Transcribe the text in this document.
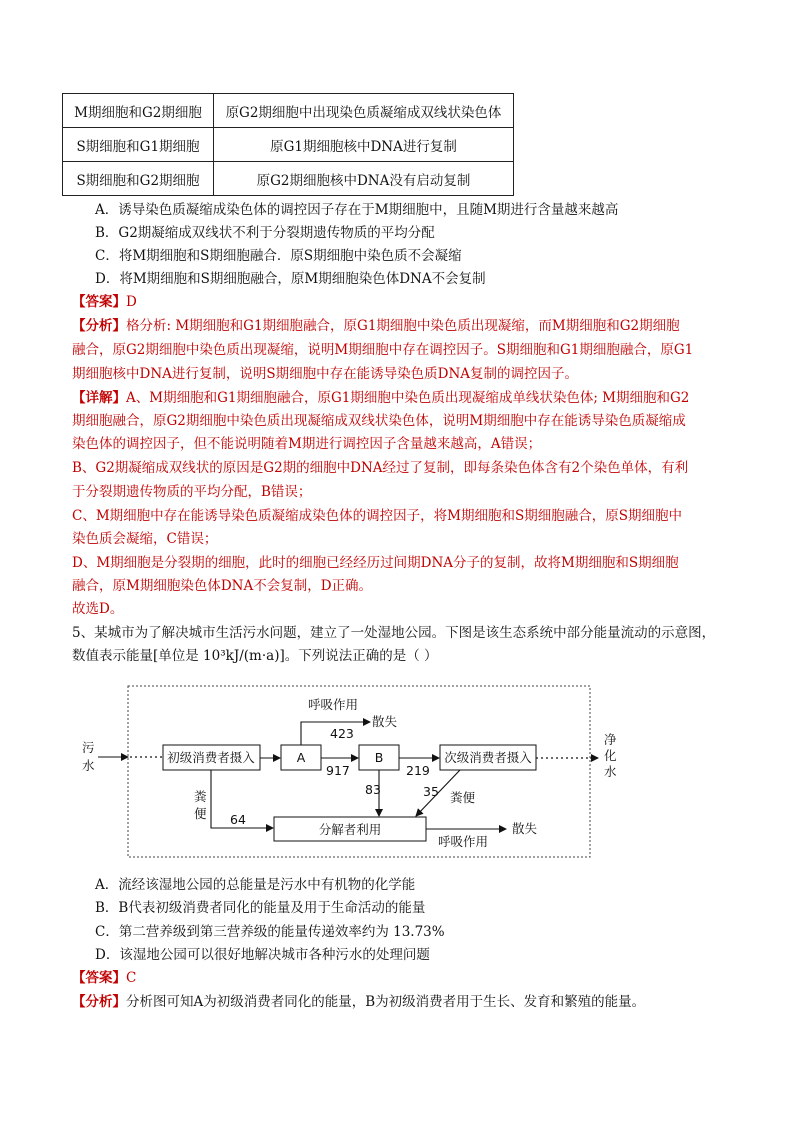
M期细胞和G2期细胞	原G2期细胞中出现染色质凝缩成双线状染色体
S期细胞和G1期细胞	原G1期细胞核中DNA进行复制
S期细胞和G2期细胞	原G2期细胞核中DNA没有启动复制
A．诱导染色质凝缩成染色体的调控因子存在于M期细胞中，且随M期进行含量越来越高
B．G2期凝缩成双线状不利于分裂期遗传物质的平均分配
C．将M期细胞和S期细胞融合．原S期细胞中染色质不会凝缩
D．将M期细胞和S期细胞融合，原M期细胞染色体DNA不会复制
【答案】D
【分析】格分析: M期细胞和G1期细胞融合，原G1期细胞中染色质出现凝缩，而M期细胞和G2期细胞
融合，原G2期细胞中染色质出现凝缩，说明M期细胞中存在调控因子。S期细胞和G1期细胞融合，原G1
期细胞核中DNA进行复制，说明S期细胞中存在能诱导染色质DNA复制的调控因子。
【详解】A、M期细胞和G1期细胞融合，原G1期细胞中染色质出现凝缩成单线状染色体; M期细胞和G2
期细胞融合，原G2期细胞中染色质出现凝缩成双线状染色体，说明M期细胞中存在能诱导染色质凝缩成
染色体的调控因子，但不能说明随着M期进行调控因子含量越来越高，A错误；
B、G2期凝缩成双线状的原因是G2期的细胞中DNA经过了复制，即每条染色体含有2个染色单体，有利
于分裂期遗传物质的平均分配，B错误；
C、M期细胞中存在能诱导染色质凝缩成染色体的调控因子，将M期细胞和S期细胞融合，原S期细胞中
染色质会凝缩，C错误；
D、M期细胞是分裂期的细胞，此时的细胞已经经历过间期DNA分子的复制，故将M期细胞和S期细胞
融合，原M期细胞染色体DNA不会复制，D正确。
故选D。
5、某城市为了解决城市生活污水问题，建立了一处湿地公园。下图是该生态系统中部分能量流动的示意图，
数值表示能量[单位是 10³kJ/(m·a)]。下列说法正确的是（ ）
污
水
初级消费者摄入	A
呼吸作用
散失
423
917
B
219
次级消费者摄入
净
化
水
83	35 粪便
粪
便 64
分解者利用	散失
呼吸作用
A．流经该湿地公园的总能量是污水中有机物的化学能
B．B代表初级消费者同化的能量及用于生命活动的能量
C．第二营养级到第三营养级的能量传递效率约为 13.73%
D．该湿地公园可以很好地解决城市各种污水的处理问题
【答案】C
【分析】分析图可知A为初级消费者同化的能量，B为初级消费者用于生长、发育和繁殖的能量。
